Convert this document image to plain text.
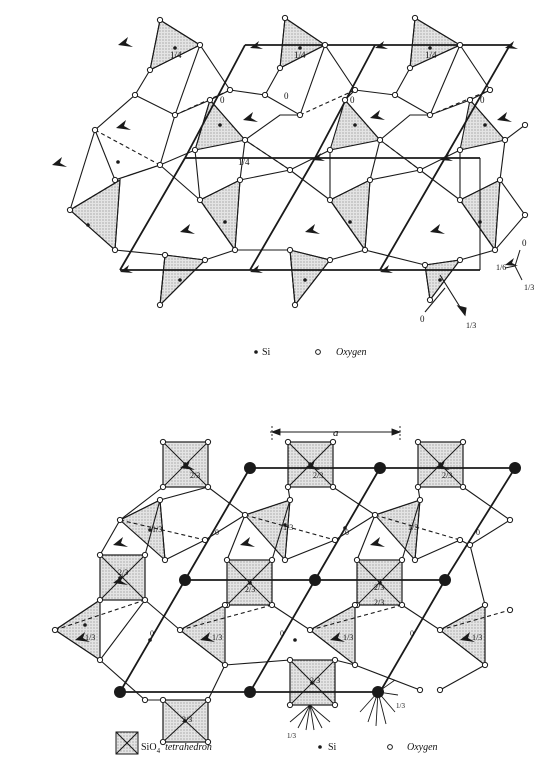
1/4	1/4	1/4
1/4
0	0	0
0
0
1/3
0
1/6
1/3
Si	Oxygen
a
2/3	2/3	2/3
1/3	1/3	1/3
2/3
2/3
1/3	1/3	1/3	1/3
2/3
2/3
2/3
2/3
0	0	0
0	0	0
1/3
1/3
SiO$_4$ tetrahedron	Si	Oxygen
